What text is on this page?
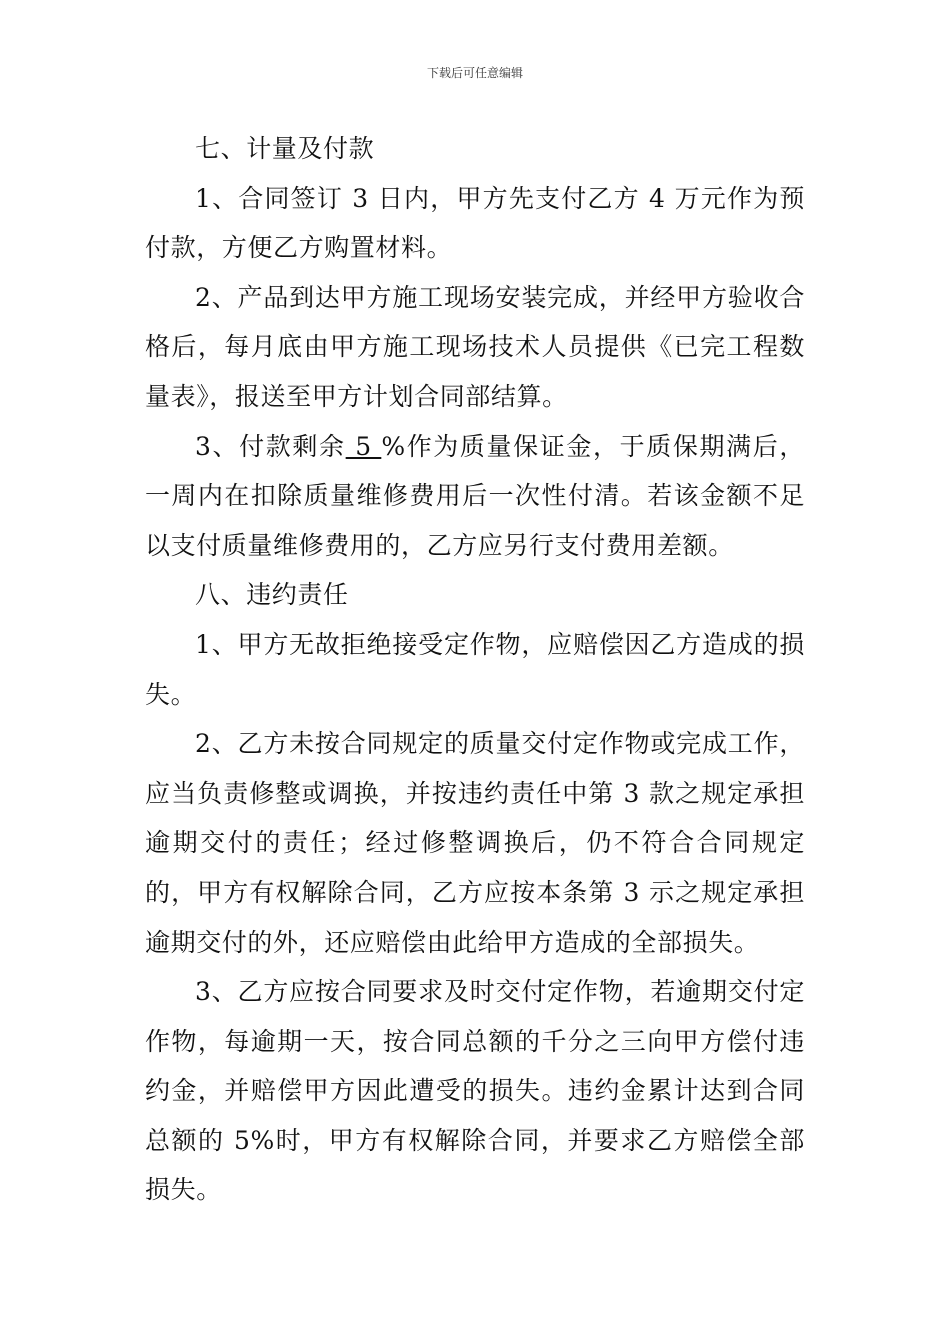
下载后可任意编辑

七、计量及付款

1、合同签订 3 日内，甲方先支付乙方 4 万元作为预付款，方便乙方购置材料。

2、产品到达甲方施工现场安装完成，并经甲方验收合格后，每月底由甲方施工现场技术人员提供《已完工程数量表》，报送至甲方计划合同部结算。

3、付款剩余 5 %作为质量保证金，于质保期满后，一周内在扣除质量维修费用后一次性付清。若该金额不足以支付质量维修费用的，乙方应另行支付费用差额。

八、违约责任

1、甲方无故拒绝接受定作物，应赔偿因乙方造成的损失。

2、乙方未按合同规定的质量交付定作物或完成工作，应当负责修整或调换，并按违约责任中第 3 款之规定承担逾期交付的责任；经过修整调换后，仍不符合合同规定的，甲方有权解除合同，乙方应按本条第 3 示之规定承担逾期交付的外，还应赔偿由此给甲方造成的全部损失。

3、乙方应按合同要求及时交付定作物，若逾期交付定作物，每逾期一天，按合同总额的千分之三向甲方偿付违约金，并赔偿甲方因此遭受的损失。违约金累计达到合同总额的 5%时，甲方有权解除合同，并要求乙方赔偿全部损失。
